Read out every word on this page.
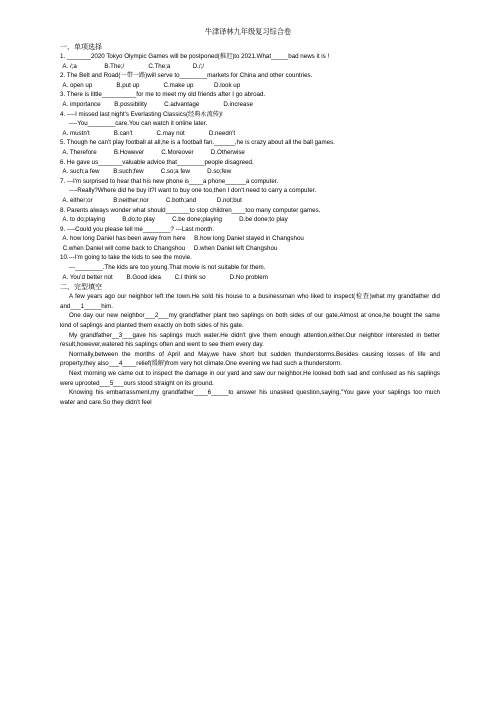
牛津译林九年级复习综合卷

一、单项选择

1. _______2020 Tokyo Olympic Games will be postponed(推迟)to 2021.What_____bad news it is !

A. /;a                B.The;/              C.The;a             D./;/

2. The Belt and Road(一带一路)will serve to________markets for China and other countries.

A. open up              B.put up              C.make up            D.look up

3. There is little__________for me to meet my old friends after I go abroad.

A. importance        B.possibility          C.advantage              D.increase

4. ----I missed last night's Everlasting Classics(经典永流传)!

----You________care.You can watch it online later.

A. mustn't              B.can't              C.may not              D.needn't

5. Though he can't play football at all,he is a football fan.______,he is crazy about all the ball games.

A. Therefore          B.However          C.Moreover          D.Otherwise

6. He gave us_______valuable advice that________people disagreed.

A. such;a few        B.such;few          C.so;a few          D.so;few

7. ---I'm surprised to hear that his new phone is____a phone______a computer.

----Really?Where did he buy it?I want to buy one too,then I don't need to carry a computer.

A. either;or            B.neither;nor          C.both;and            D.not;but

8. Parents always wonder what should_______to stop children____too many computer games.

A. to do;playing          B.do;to play          C.be done;playing          D.be done;to play

9. ----Could you please tell me________? ---Last month.

A. how long Daniel has been away from here     B.how long Daniel stayed in Changshou

C.when Daniel will come back to Changshou     D.when Daniel left Changshou

10.---I'm going to take the kids to see the movie.

---________.The kids are too young.That movie is not suitable for them.

A. You'd better not        B.Good idea        C.I think so              D.No problem

二、完型填空

A few years ago our neighbor left the town.He sold his house to a businessman who liked to inspect(检查)what my grandfather did and___1_____him.

One day our new neighbor___2___my grandfather plant two saplings on both sides of our gate.Almost at once,he bought the same kind of saplings and planted them exactly on both sides of his gate.

My grandfather__3___gave his saplings much water.He didn't give them enough attention,either.Our neighbor interested in better result,however,watered his saplings often and went to see them every day.

Normally,between the months of April and May,we have short but sudden thunderstorms.Besides causing losses of life and property,they also___4____relief(缓解)from very hot climate.One evening we had such a thunderstorm.

Next morning we came out to inspect the damage in our yard and saw our neighbor.He looked both sad and confused as his saplings were uprooted___5___ours stood straight on its ground.

Knowing his embarrassment,my grandfather____6_____to answer his unasked question,saying,"You gave your saplings too much water and care.So they didn't feel
